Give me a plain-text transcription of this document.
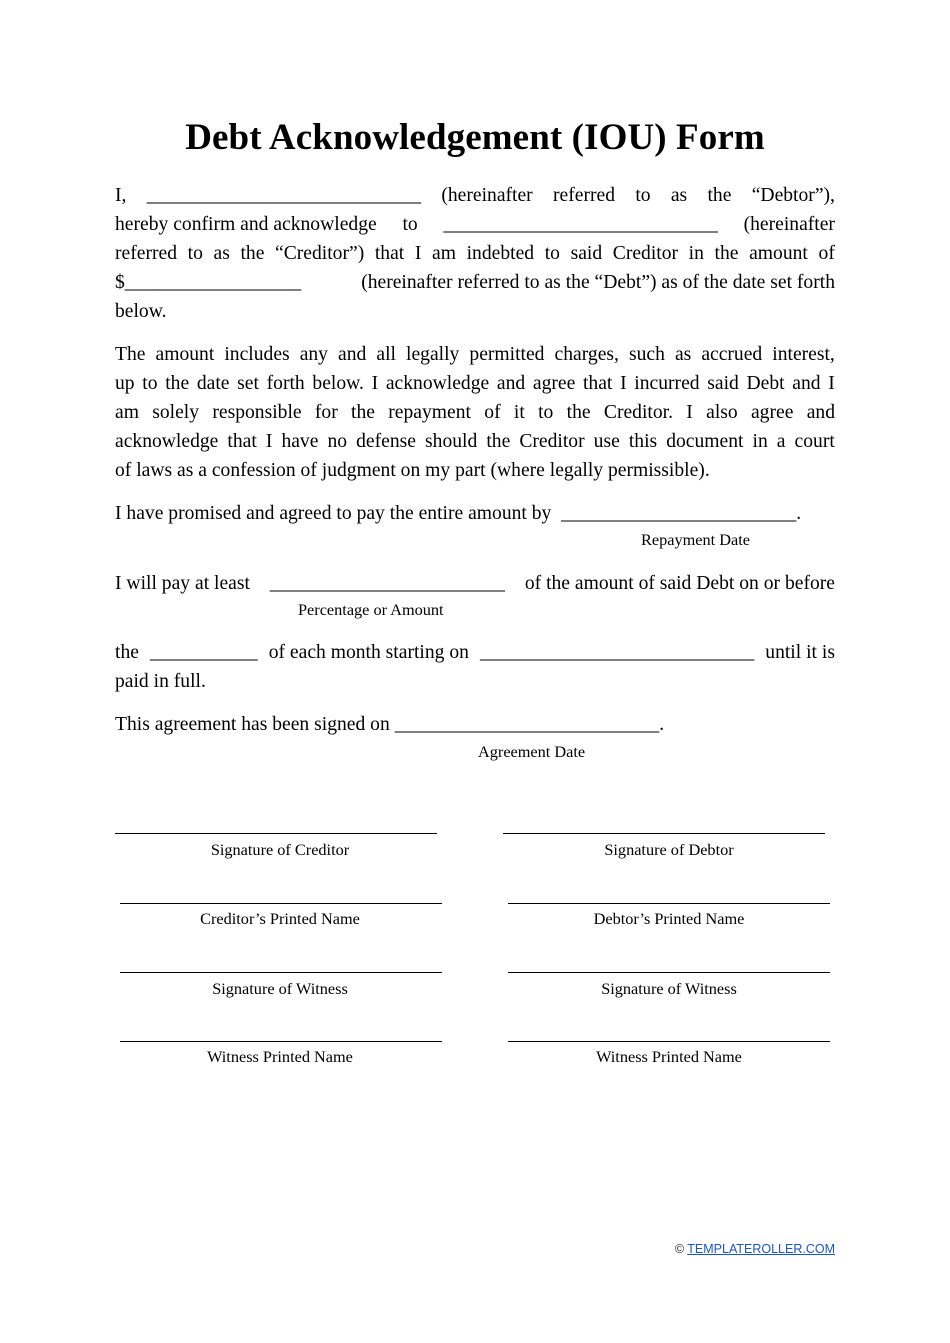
Debt Acknowledgement (IOU) Form
I, ____________________________ (hereinafter referred to as the “Debtor”),
hereby confirm and acknowledge to ____________________________ (hereinafter
referred to as the “Creditor”) that I am indebted to said Creditor in the amount of
$__________________	(hereinafter referred to as the “Debt”) as of the date set forth
below.
The amount includes any and all legally permitted charges, such as accrued interest,
up to the date set forth below. I acknowledge and agree that I incurred said Debt and I
am solely responsible for the repayment of it to the Creditor. I also agree and
acknowledge that I have no defense should the Creditor use this document in a court
of laws as a confession of judgment on my part (where legally permissible).
I have promised and agreed to pay the entire amount by ________________________.
Repayment Date
I will pay at least ________________________ of the amount of said Debt on or before
Percentage or Amount
the ___________ of each month starting on ____________________________ until it is
paid in full.
This agreement has been signed on ___________________________.
Agreement Date
Signature of Creditor	Signature of Debtor
Creditor’s Printed Name	Debtor’s Printed Name
Signature of Witness	Signature of Witness
Witness Printed Name	Witness Printed Name
© TEMPLATEROLLER.COM
